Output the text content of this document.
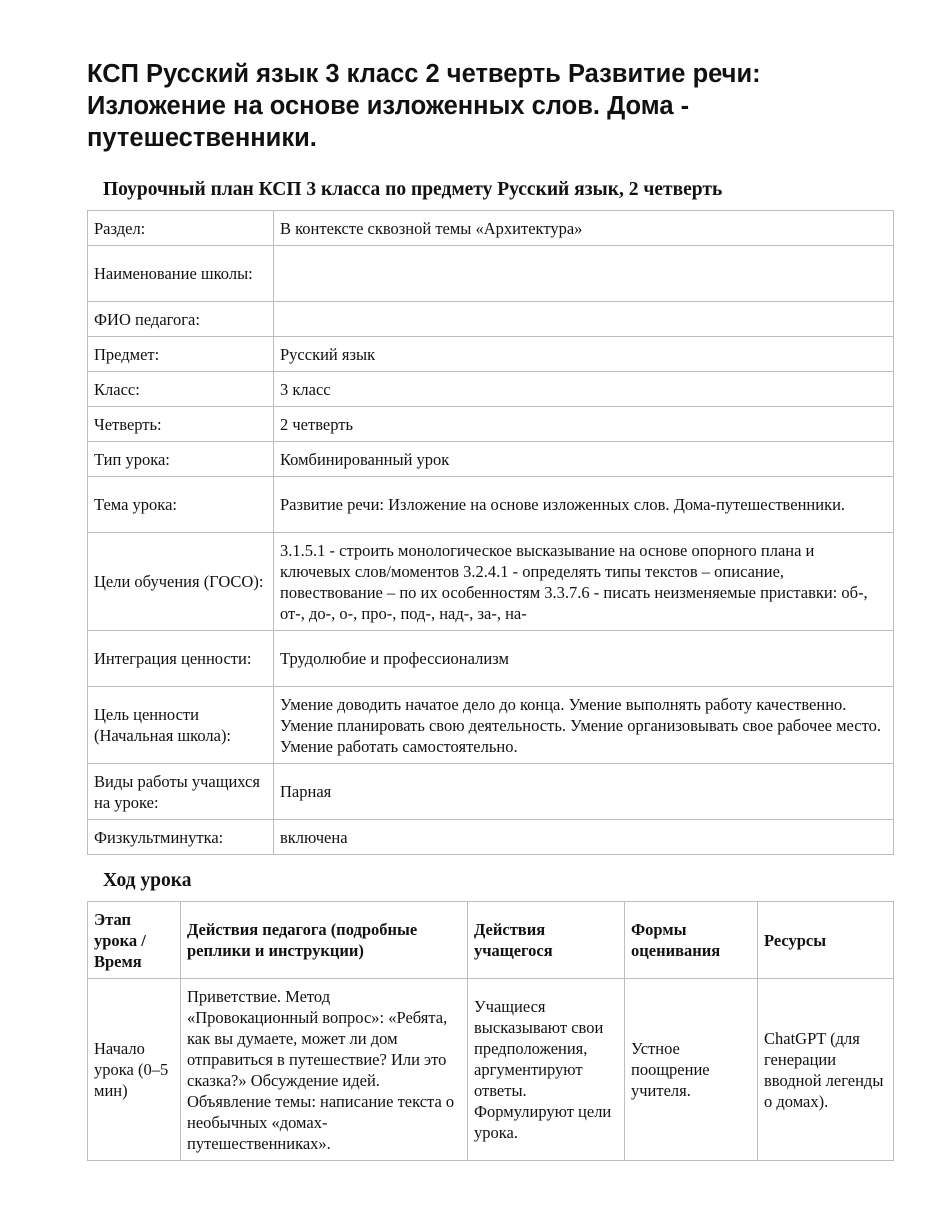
КСП Русский язык 3 класс 2 четверть Развитие речи: Изложение на основе изложенных слов. Дома - путешественники.
Поурочный план КСП 3 класса по предмету Русский язык, 2 четверть
Раздел:	В контексте сквозной темы «Архитектура»
Наименование школы:	
ФИО педагога:	
Предмет:	Русский язык
Класс:	3 класс
Четверть:	2 четверть
Тип урока:	Комбинированный урок
Тема урока:	Развитие речи: Изложение на основе изложенных слов. Дома-путешественники.
Цели обучения (ГОСО):	3.1.5.1 - строить монологическое высказывание на основе опорного плана и ключевых слов/моментов 3.2.4.1 - определять типы текстов – описание, повествование – по их особенностям 3.3.7.6 - писать неизменяемые приставки: об-, от-, до-, о-, про-, под-, над-, за-, на-
Интеграция ценности:	Трудолюбие и профессионализм
Цель ценности (Начальная школа):	Умение доводить начатое дело до конца. Умение выполнять работу качественно. Умение планировать свою деятельность. Умение организовывать свое рабочее место. Умение работать самостоятельно.
Виды работы учащихся на уроке:	Парная
Физкультминутка:	включена
Ход урока
Этап урока / Время	Действия педагога (подробные реплики и инструкции)	Действия учащегося	Формы оценивания	Ресурсы
Начало урока (0–5 мин)	Приветствие. Метод «Провокационный вопрос»: «Ребята, как вы думаете, может ли дом отправиться в путешествие? Или это сказка?» Обсуждение идей. Объявление темы: написание текста о необычных «домах-путешественниках».	Учащиеся высказывают свои предположения, аргументируют ответы. Формулируют цели урока.	Устное поощрение учителя.	ChatGPT (для генерации вводной легенды о домах).
